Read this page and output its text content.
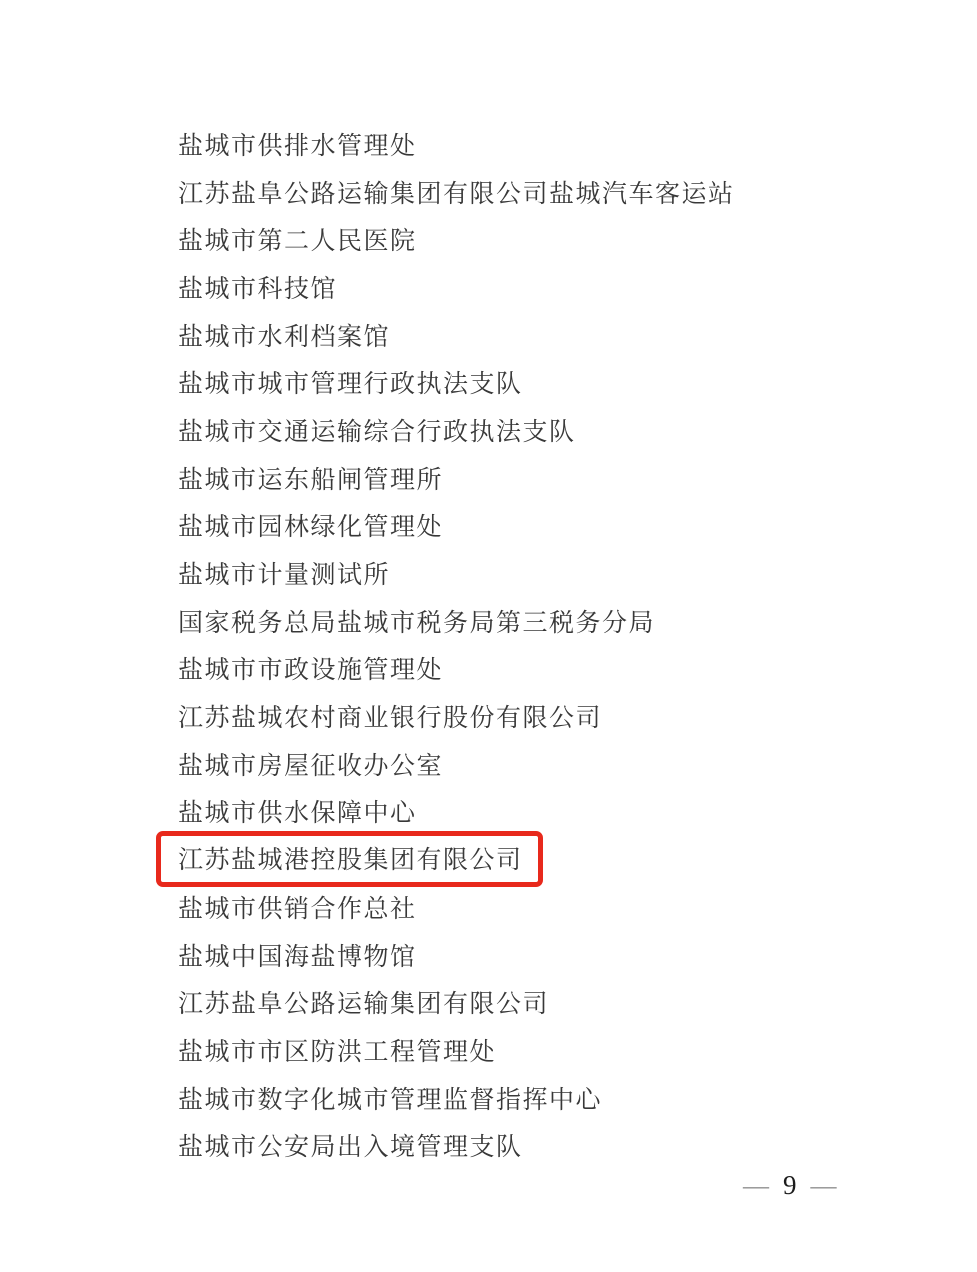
盐城市供排水管理处
江苏盐阜公路运输集团有限公司盐城汽车客运站
盐城市第二人民医院
盐城市科技馆
盐城市水利档案馆
盐城市城市管理行政执法支队
盐城市交通运输综合行政执法支队
盐城市运东船闸管理所
盐城市园林绿化管理处
盐城市计量测试所
国家税务总局盐城市税务局第三税务分局
盐城市市政设施管理处
江苏盐城农村商业银行股份有限公司
盐城市房屋征收办公室
盐城市供水保障中心
江苏盐城港控股集团有限公司
盐城市供销合作总社
盐城中国海盐博物馆
江苏盐阜公路运输集团有限公司
盐城市市区防洪工程管理处
盐城市数字化城市管理监督指挥中心
盐城市公安局出入境管理支队
— 9 —
